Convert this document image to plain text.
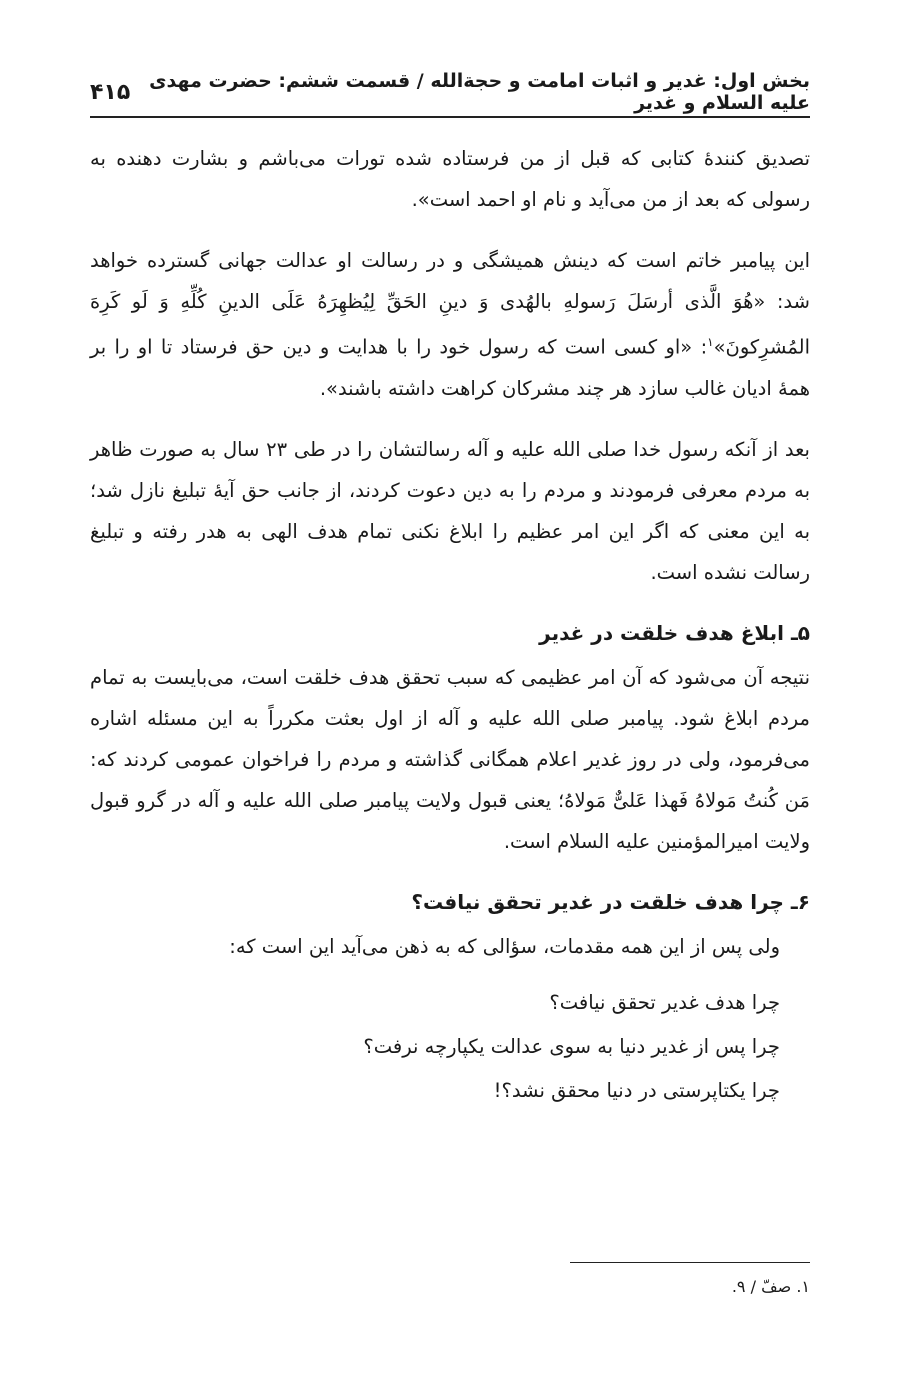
بخش اول: غدیر و اثبات امامت و حجة‌الله / قسمت ششم: حضرت مهدی علیه السلام و غدیر
۴۱۵

تصدیق کنندهٔ کتابی که قبل از من فرستاده شده تورات می‌باشم و بشارت دهنده به رسولی که بعد از من می‌آید و نام او احمد است».

این پیامبر خاتم است که دینش همیشگی و در رسالت او عدالت جهانی گسترده خواهد شد: «هُوَ الَّذی أرسَلَ رَسولهِ بالهُدی وَ دینِ الحَقِّ لِیُظهِرَهُ عَلَی الدینِ کُلِّهِ وَ لَو کَرِهَ المُشرِکونَ»$^۱$: «او کسی است که رسول خود را با هدایت و دین حق فرستاد تا او را بر همهٔ ادیان غالب سازد هر چند مشرکان کراهت داشته باشند».

بعد از آنکه رسول خدا صلی الله علیه و آله رسالتشان را در طی ۲۳ سال به صورت ظاهر به مردم معرفی فرمودند و مردم را به دین دعوت کردند، از جانب حق آیهٔ تبلیغ نازل شد؛ به این معنی که اگر این امر عظیم را ابلاغ نکنی تمام هدف الهی به هدر رفته و تبلیغ رسالت نشده است.

۵ـ ابلاغ هدف خلقت در غدیر

نتیجه آن می‌شود که آن امر عظیمی که سبب تحقق هدف خلقت است، می‌بایست به تمام مردم ابلاغ شود. پیامبر صلی الله علیه و آله از اول بعثت مکرراً به این مسئله اشاره می‌فرمود، ولی در روز غدیر اعلام همگانی گذاشته و مردم را فراخوان عمومی کردند که: مَن کُنتُ مَولاهُ فَهذا عَلیٌّ مَولاهُ؛ یعنی قبول ولایت پیامبر صلی الله علیه و آله در گرو قبول ولایت امیرالمؤمنین علیه السلام است.

۶ـ چرا هدف خلقت در غدیر تحقق نیافت؟

ولی پس از این همه مقدمات، سؤالی که به ذهن می‌آید این است که:

چرا هدف غدیر تحقق نیافت؟
چرا پس از غدیر دنیا به سوی عدالت یکپارچه نرفت؟
چرا یکتاپرستی در دنیا محقق نشد؟!
۱. صفّ / ۹.
